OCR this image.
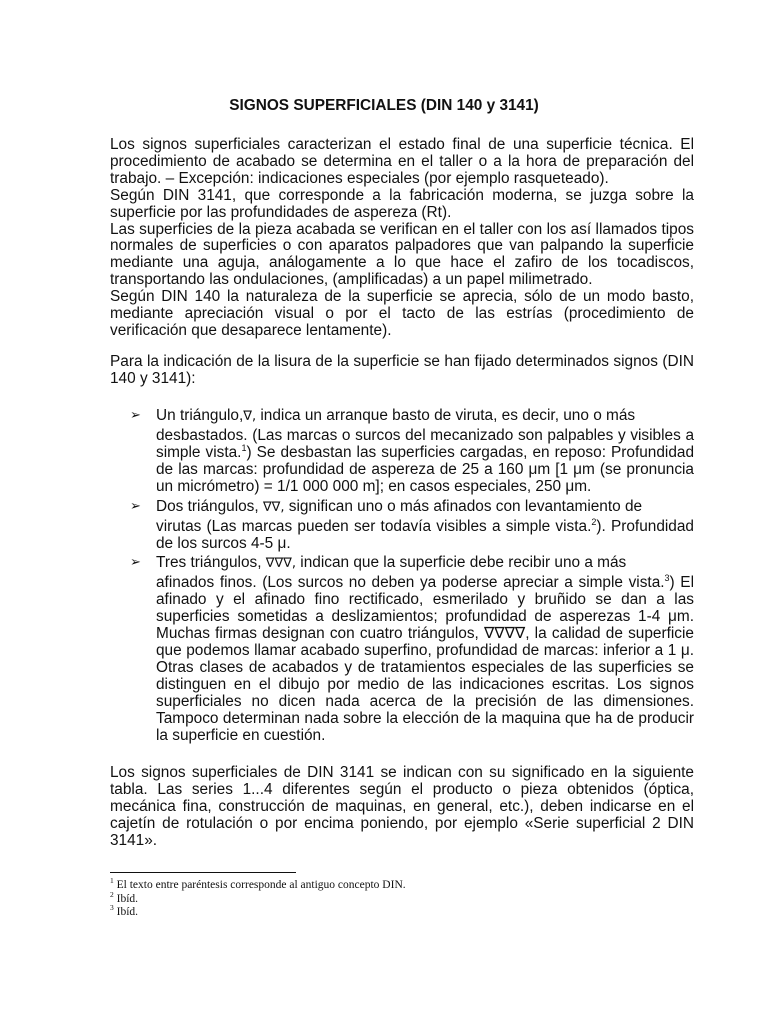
SIGNOS SUPERFICIALES (DIN 140 y 3141)

Los signos superficiales caracterizan el estado final de una superficie técnica. El procedimiento de acabado se determina en el taller o a la hora de preparación del trabajo. – Excepción: indicaciones especiales (por ejemplo rasqueteado).

Según DIN 3141, que corresponde a la fabricación moderna, se juzga sobre la superficie por las profundidades de aspereza (Rt).

Las superficies de la pieza acabada se verifican en el taller con los así llamados tipos normales de superficies o con aparatos palpadores que van palpando la superficie mediante una aguja, análogamente a lo que hace el zafiro de los tocadiscos, transportando las ondulaciones, (amplificadas) a un papel milimetrado.

Según DIN 140 la naturaleza de la superficie se aprecia, sólo de un modo basto, mediante apreciación visual o por el tacto de las estrías (procedimiento de verificación que desaparece lentamente).

Para la indicación de la lisura de la superficie se han fijado determinados signos (DIN 140 y 3141):

➢ Un triángulo,∇, indica un arranque basto de viruta, es decir, uno o más
desbastados. (Las marcas o surcos del mecanizado son palpables y visibles a simple vista.$^1$) Se desbastan las superficies cargadas, en reposo: Profundidad de las marcas: profundidad de aspereza de 25 a 160 μm [1 μm (se pronuncia un micrómetro) = 1/1 000 000 m]; en casos especiales, 250 μm.
➢ Dos triángulos, ∇∇, significan uno o más afinados con levantamiento de
virutas (Las marcas pueden ser todavía visibles a simple vista.$^2$). Profundidad de los surcos 4-5 μ.
➢ Tres triángulos, ∇∇∇, indican que la superficie debe recibir uno a más
afinados finos. (Los surcos no deben ya poderse apreciar a simple vista.$^3$) El afinado y el afinado fino rectificado, esmerilado y bruñido se dan a las superficies sometidas a deslizamientos; profundidad de asperezas 1-4 μm. Muchas firmas designan con cuatro triángulos, ∇∇∇∇, la calidad de superficie que podemos llamar acabado superfino, profundidad de marcas: inferior a 1 μ. Otras clases de acabados y de tratamientos especiales de las superficies se distinguen en el dibujo por medio de las indicaciones escritas. Los signos superficiales no dicen nada acerca de la precisión de las dimensiones. Tampoco determinan nada sobre la elección de la maquina que ha de producir la superficie en cuestión.

Los signos superficiales de DIN 3141 se indican con su significado en la siguiente tabla. Las series 1...4 diferentes según el producto o pieza obtenidos (óptica, mecánica fina, construcción de maquinas, en general, etc.), deben indicarse en el cajetín de rotulación o por encima poniendo, por ejemplo «Serie superficial 2 DIN 3141».

$^1$ El texto entre paréntesis corresponde al antiguo concepto DIN.
$^2$ Ibíd.
$^3$ Ibíd.
